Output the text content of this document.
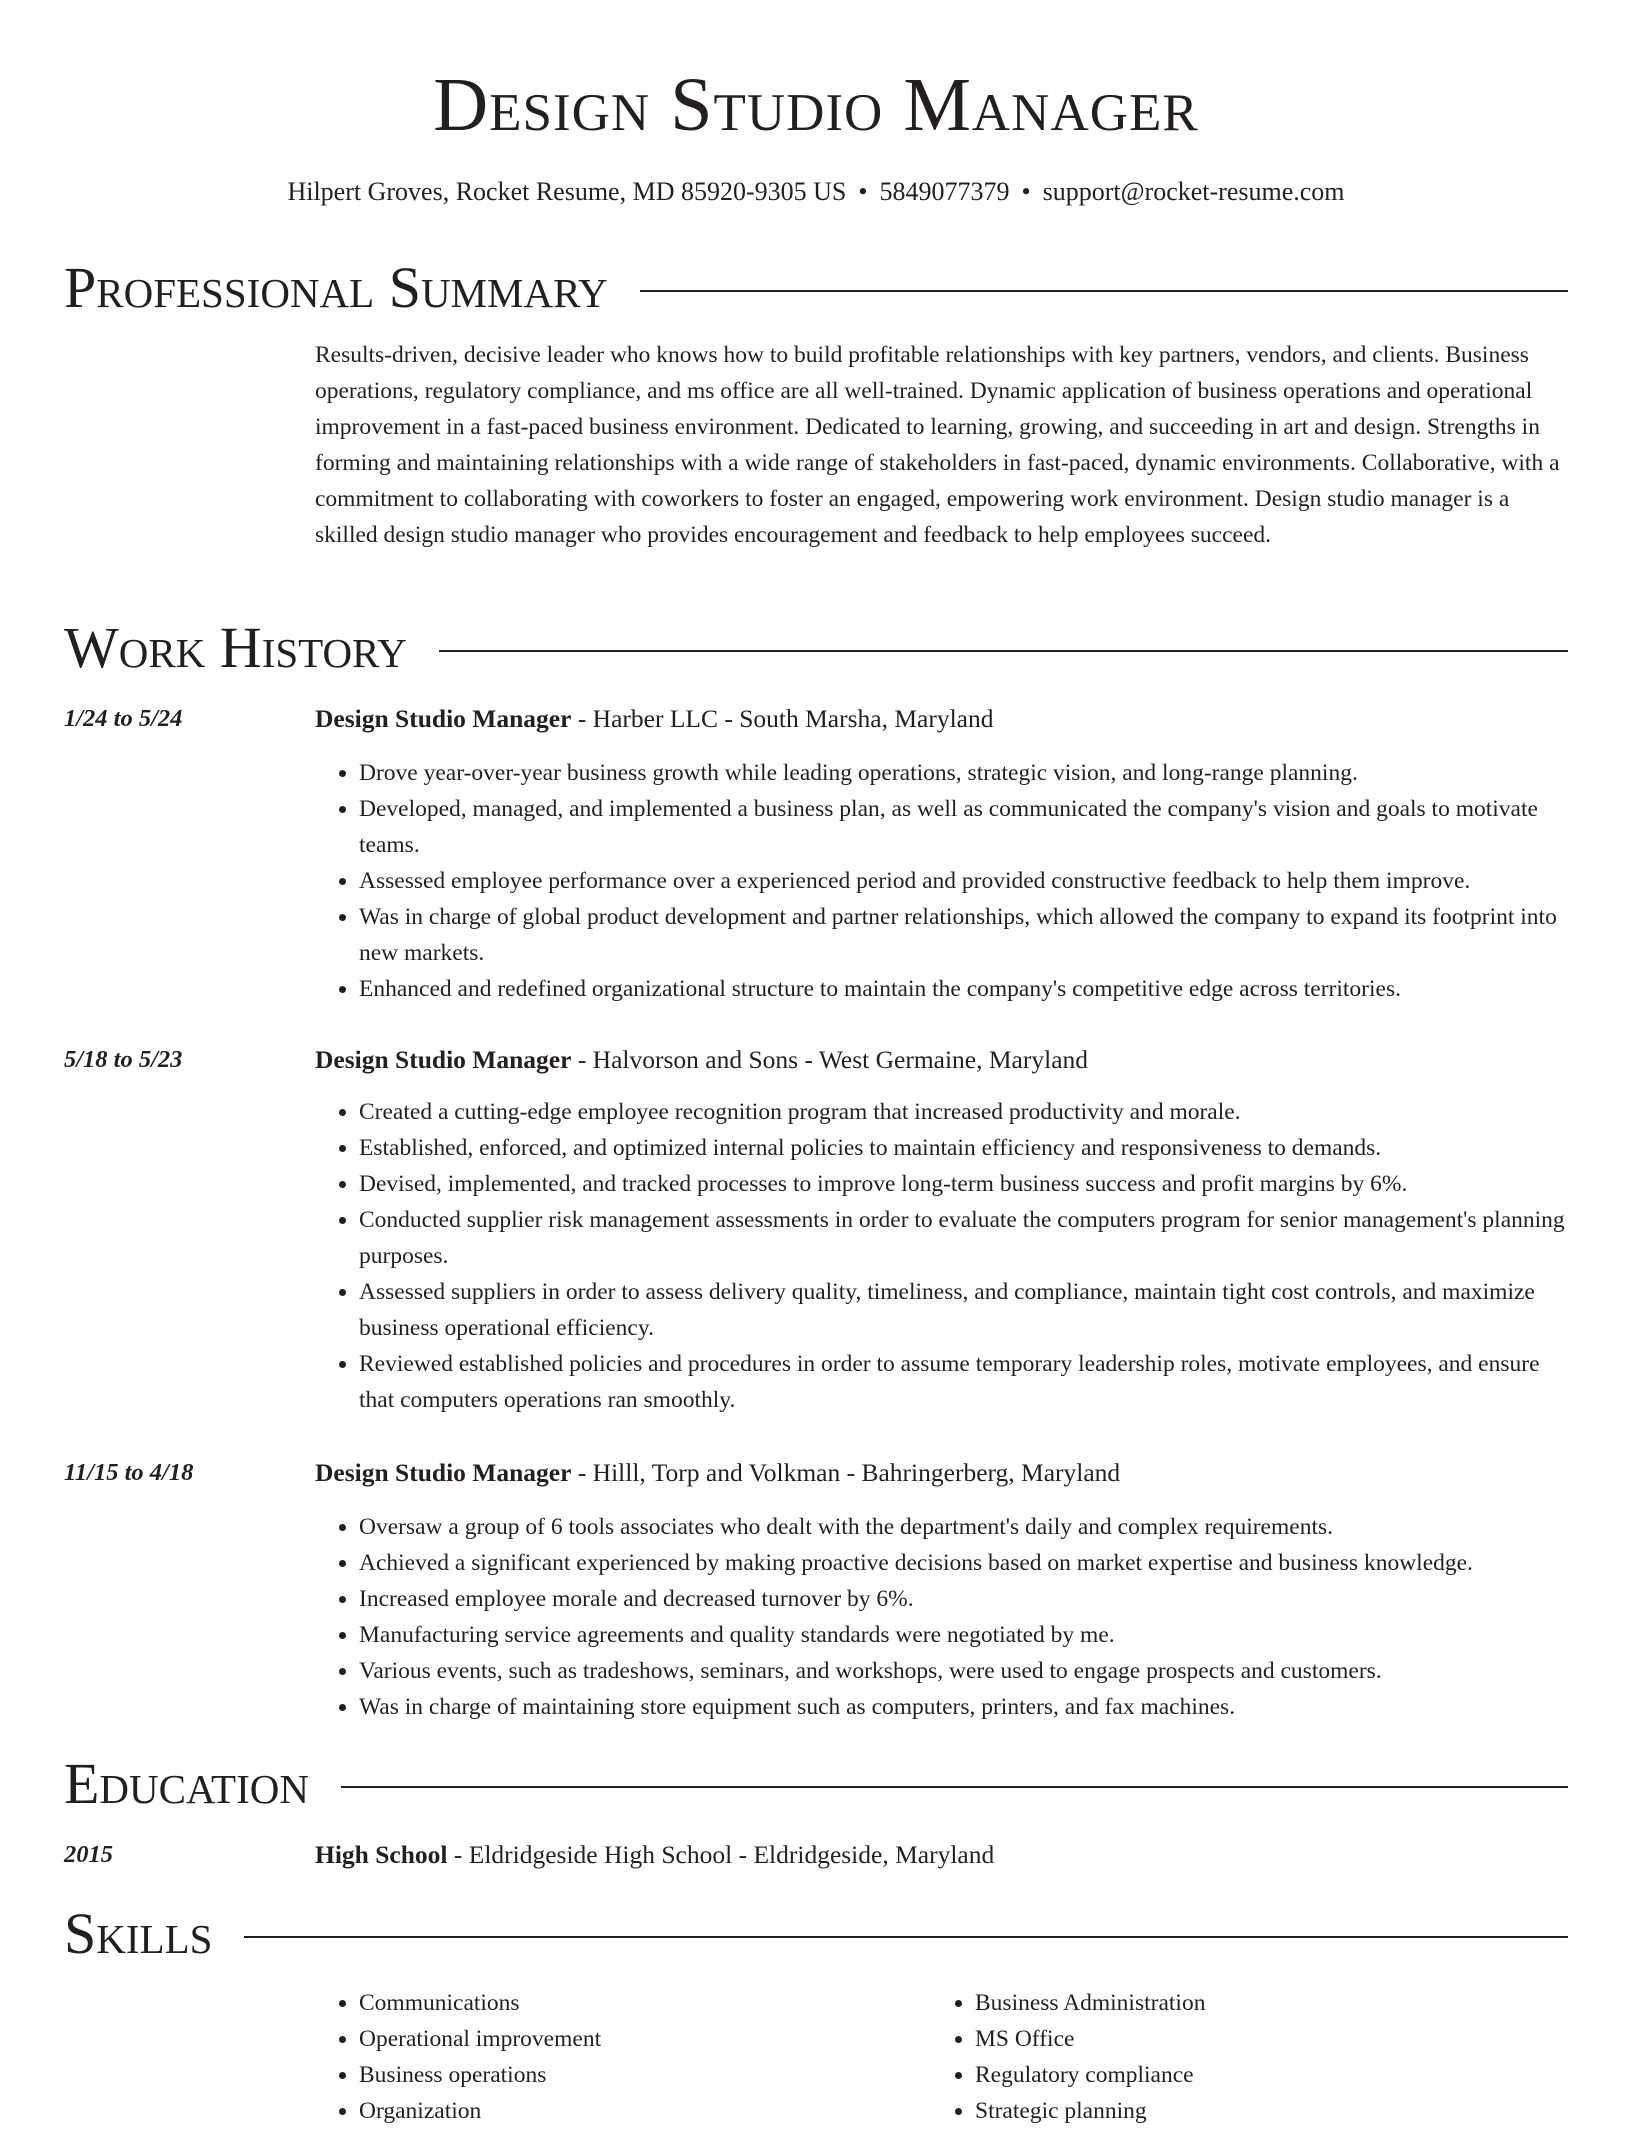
Design Studio Manager
Hilpert Groves, Rocket Resume, MD 85920-9305 US • 5849077379 • support@rocket-resume.com
Professional Summary

Results-driven, decisive leader who knows how to build profitable relationships with key partners, vendors, and clients. Business operations, regulatory compliance, and ms office are all well-trained. Dynamic application of business operations and operational improvement in a fast-paced business environment. Dedicated to learning, growing, and succeeding in art and design. Strengths in forming and maintaining relationships with a wide range of stakeholders in fast-paced, dynamic environments. Collaborative, with a commitment to collaborating with coworkers to foster an engaged, empowering work environment. Design studio manager is a skilled design studio manager who provides encouragement and feedback to help employees succeed.

Work History
1/24 to 5/24	Design Studio Manager - Harber LLC - South Marsha, Maryland
• Drove year-over-year business growth while leading operations, strategic vision, and long-range planning.
• Developed, managed, and implemented a business plan, as well as communicated the company's vision and goals to motivate teams.
• Assessed employee performance over a experienced period and provided constructive feedback to help them improve.
• Was in charge of global product development and partner relationships, which allowed the company to expand its footprint into new markets.
• Enhanced and redefined organizational structure to maintain the company's competitive edge across territories.
5/18 to 5/23	Design Studio Manager - Halvorson and Sons - West Germaine, Maryland
• Created a cutting-edge employee recognition program that increased productivity and morale.
• Established, enforced, and optimized internal policies to maintain efficiency and responsiveness to demands.
• Devised, implemented, and tracked processes to improve long-term business success and profit margins by 6%.
• Conducted supplier risk management assessments in order to evaluate the computers program for senior management's planning purposes.
• Assessed suppliers in order to assess delivery quality, timeliness, and compliance, maintain tight cost controls, and maximize business operational efficiency.
• Reviewed established policies and procedures in order to assume temporary leadership roles, motivate employees, and ensure that computers operations ran smoothly.
11/15 to 4/18	Design Studio Manager - Hilll, Torp and Volkman - Bahringerberg, Maryland
• Oversaw a group of 6 tools associates who dealt with the department's daily and complex requirements.
• Achieved a significant experienced by making proactive decisions based on market expertise and business knowledge.
• Increased employee morale and decreased turnover by 6%.
• Manufacturing service agreements and quality standards were negotiated by me.
• Various events, such as tradeshows, seminars, and workshops, were used to engage prospects and customers.
• Was in charge of maintaining store equipment such as computers, printers, and fax machines.
Education
2015	High School - Eldridgeside High School - Eldridgeside, Maryland
Skills
• Communications
• Operational improvement
• Business operations
• Organization
• Business Administration
• MS Office
• Regulatory compliance
• Strategic planning
